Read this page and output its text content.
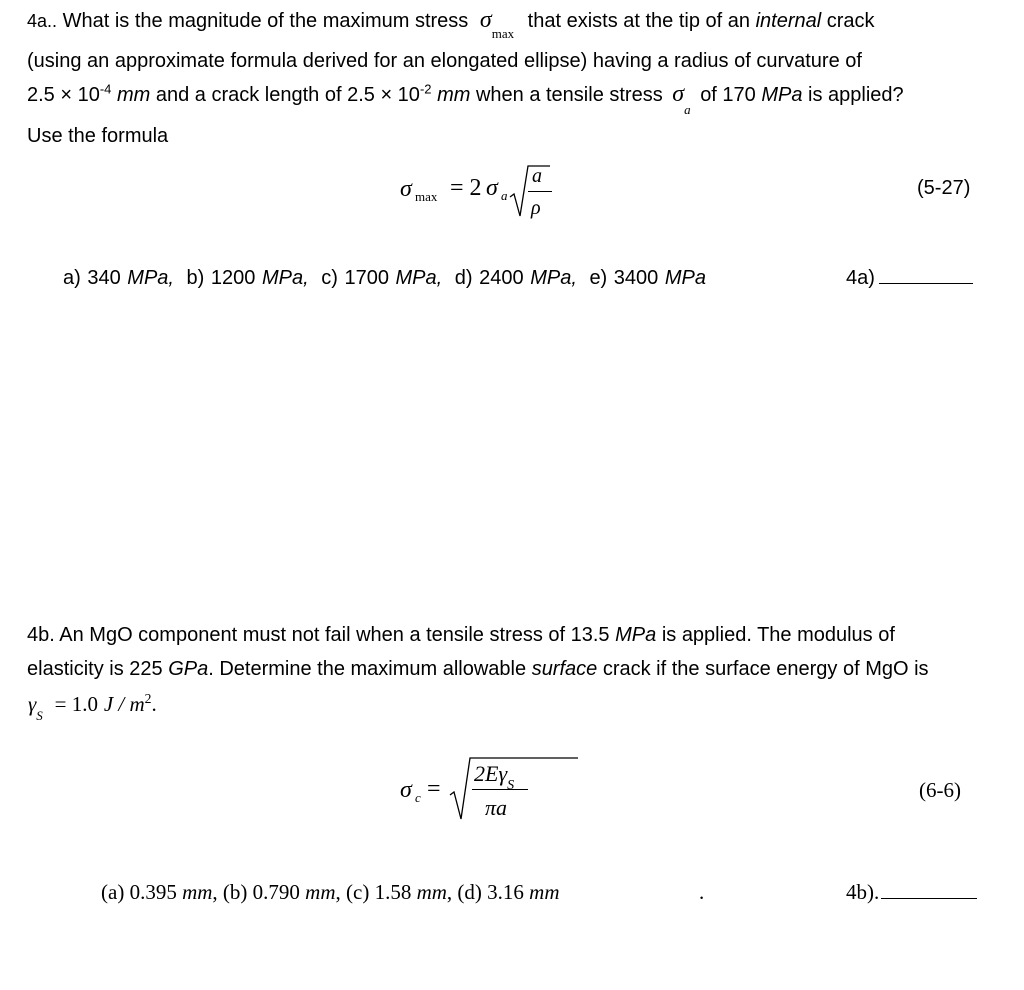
4a.. What is the magnitude of the maximum stress $\sigma_{max}$ that exists at the tip of an internal crack
(using an approximate formula derived for an elongated ellipse) having a radius of curvature of
$2.5 \times 10^{-4}$ mm and a crack length of $2.5 \times 10^{-2}$ mm when a tensile stress $\sigma_a$ of 170 MPa is applied?
Use the formula
σ max = 2 σ a
a
ρ
(5-27)
a) 340 MPa, b) 1200 MPa, c) 1700 MPa, d) 2400 MPa, e) 3400 MPa	4a)
4b. An MgO component must not fail when a tensile stress of 13.5 MPa is applied. The modulus of
elasticity is 225 GPa. Determine the maximum allowable surface crack if the surface energy of MgO is
$\gamma_S = 1.0$ J / $m^2$.
σ c =
$2E\gamma_S$
πa
(6-6)
(a) 0.395 mm, (b) 0.790 mm, (c) 1.58 mm, (d) 3.16 mm	.	4b).
